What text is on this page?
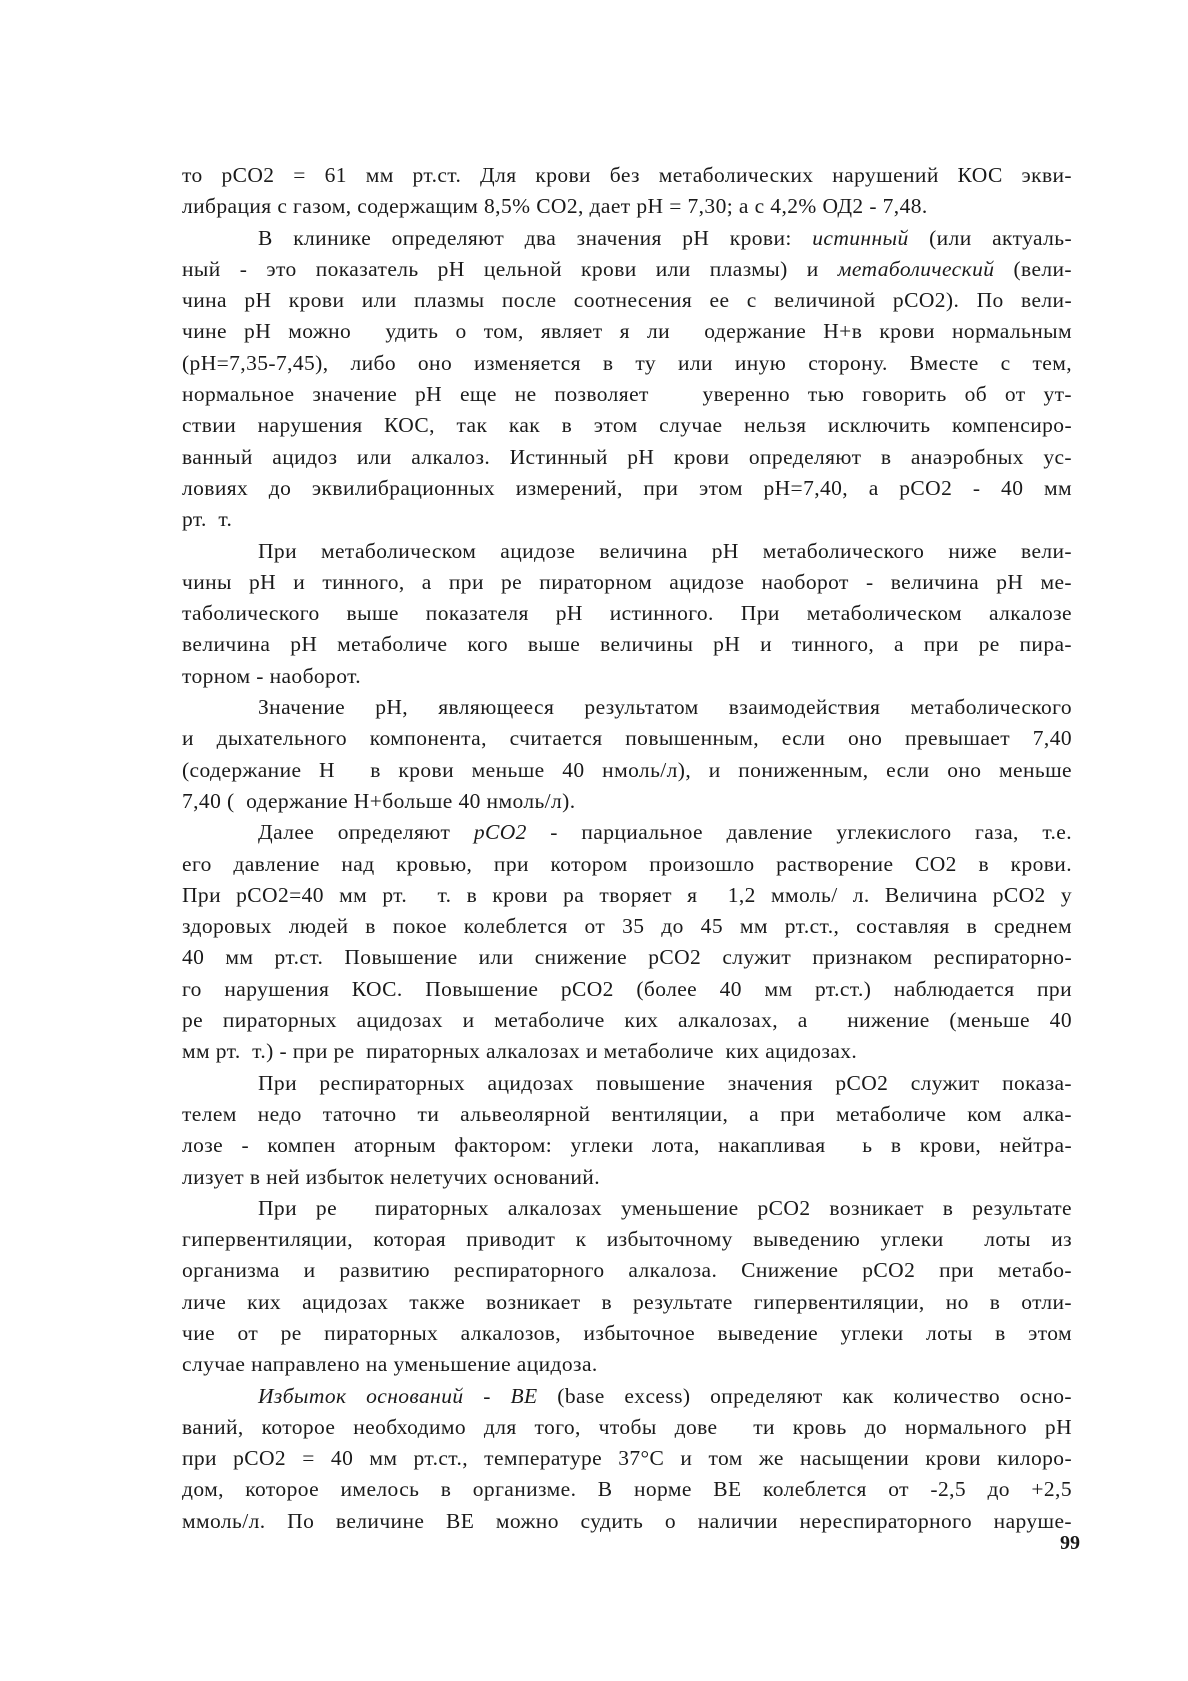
то pCO2 = 61 мм рт.ст. Для крови без метаболических нарушений КОС экви-
либрация с газом, содержащим 8,5% CO2, дает pH = 7,30; а с 4,2% ОД2 - 7,48.
В клинике определяют два значения pH крови: истинный (или актуаль-
ный - это показатель pH цельной крови или плазмы) и метаболический (вели-
чина pH крови или плазмы после соотнесения ее с величиной pCO2). По вели-
чине pH можно  удить о том, являет я ли  одержание H+в крови нормальным
(pH=7,35-7,45), либо оно изменяется в ту или иную сторону. Вместе с тем,
нормальное значение pH еще не позволяет   уверенно тью говорить об от ут-
ствии нарушения КОС, так как в этом случае нельзя исключить компенсиро-
ванный ацидоз или алкалоз. Истинный pH крови определяют в анаэробных ус-
ловиях до эквилибрационных измерений, при этом pH=7,40, а pCO2 - 40 мм
рт.  т.
При метаболическом ацидозе величина pH метаболического ниже вели-
чины pH и тинного, а при ре пираторном ацидозе наоборот - величина pH ме-
таболического выше показателя pH истинного. При метаболическом алкалозе
величина pH метаболиче кого выше величины pH и тинного, а при ре пира-
торном - наоборот.
Значение pH, являющееся результатом взаимодействия метаболического
и дыхательного компонента, считается повышенным, если оно превышает 7,40
(содержание H  в крови меньше 40 нмоль/л), и пониженным, если оно меньше
7,40 (  одержание H+больше 40 нмоль/л).
Далее определяют pCO2 - парциальное давление углекислого газа, т.е.
его давление над кровью, при котором произошло растворение CO2 в крови.
При pCO2=40 мм рт.  т. в крови ра творяет я  1,2 ммоль/ л. Величина pCO2 у
здоровых людей в покое колеблется от 35 до 45 мм рт.ст., составляя в среднем
40 мм рт.ст. Повышение или снижение pCO2 служит признаком респираторно-
го нарушения КОС. Повышение pCO2 (более 40 мм рт.ст.) наблюдается при
ре пираторных ацидозах и метаболиче ких алкалозах, а  нижение (меньше 40
мм рт.  т.) - при ре  пираторных алкалозах и метаболиче  ких ацидозах.
При респираторных ацидозах повышение значения pCO2 служит показа-
телем недо таточно ти альвеолярной вентиляции, а при метаболиче ком алка-
лозе - компен аторным фактором: углеки лота, накапливая  ь в крови, нейтра-
лизует в ней избыток нелетучих оснований.
При ре  пираторных алкалозах уменьшение pCO2 возникает в результате
гипервентиляции, которая приводит к избыточному выведению углеки  лоты из
организма и развитию респираторного алкалоза. Снижение pCO2 при метабо-
личе ких ацидозах также возникает в результате гипервентиляции, но в отли-
чие от ре пираторных алкалозов, избыточное выведение углеки лоты в этом
случае направлено на уменьшение ацидоза.
Избыток оснований - BE (base excess) определяют как количество осно-
ваний, которое необходимо для того, чтобы дове  ти кровь до нормального pH
при pCO2 = 40 мм рт.ст., температуре 37°C и том же насыщении крови килоро-
дом, которое имелось в организме. В норме BE колеблется от -2,5 до +2,5
ммоль/л. По величине BE можно судить о наличии нереспираторного наруше-
99
